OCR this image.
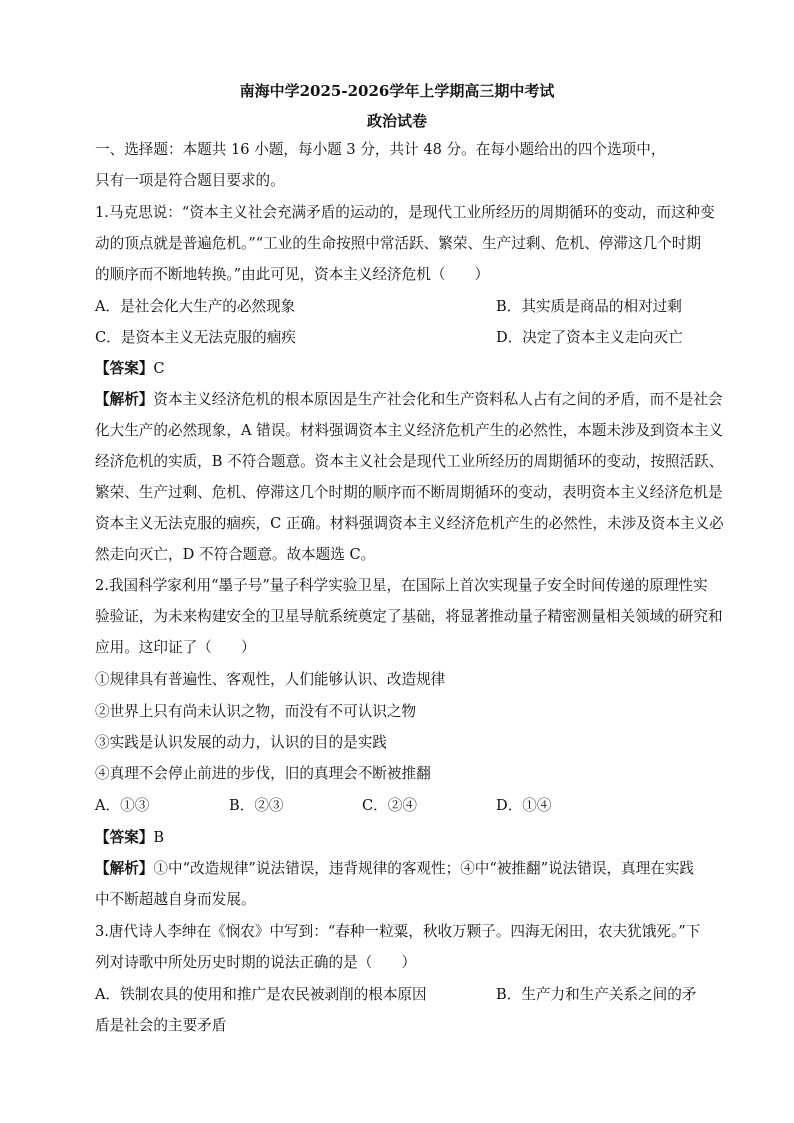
南海中学2025-2026学年上学期高三期中考试
政治试卷
一、选择题：本题共 16 小题，每小题 3 分，共计 48 分。在每小题给出的四个选项中，
只有一项是符合题目要求的。
1.马克思说：“资本主义社会充满矛盾的运动的，是现代工业所经历的周期循环的变动，而这种变
动的顶点就是普遍危机。”“工业的生命按照中常活跃、繁荣、生产过剩、危机、停滞这几个时期
的顺序而不断地转换。”由此可见，资本主义经济危机（　　）
A．是社会化大生产的必然现象	B．其实质是商品的相对过剩
C．是资本主义无法克服的痼疾	D．决定了资本主义走向灭亡
【答案】C
【解析】资本主义经济危机的根本原因是生产社会化和生产资料私人占有之间的矛盾，而不是社会
化大生产的必然现象，A 错误。材料强调资本主义经济危机产生的必然性，本题未涉及到资本主义
经济危机的实质，B 不符合题意。资本主义社会是现代工业所经历的周期循环的变动，按照活跃、
繁荣、生产过剩、危机、停滞这几个时期的顺序而不断周期循环的变动，表明资本主义经济危机是
资本主义无法克服的痼疾，C 正确。材料强调资本主义经济危机产生的必然性，未涉及资本主义必
然走向灭亡，D 不符合题意。故本题选 C。
2.我国科学家利用“墨子号”量子科学实验卫星，在国际上首次实现量子安全时间传递的原理性实
验验证，为未来构建安全的卫星导航系统奠定了基础，将显著推动量子精密测量相关领域的研究和
应用。这印证了（　　）
①规律具有普遍性、客观性，人们能够认识、改造规律
②世界上只有尚未认识之物，而没有不可认识之物
③实践是认识发展的动力，认识的目的是实践
④真理不会停止前进的步伐，旧的真理会不断被推翻
A．①③	B．②③	C．②④	D．①④
【答案】B
【解析】①中“改造规律”说法错误，违背规律的客观性；④中“被推翻”说法错误，真理在实践
中不断超越自身而发展。
3.唐代诗人李绅在《悯农》中写到：“春种一粒粟，秋收万颗子。四海无闲田，农夫犹饿死。”下
列对诗歌中所处历史时期的说法正确的是（　　）
A．铁制农具的使用和推广是农民被剥削的根本原因	B．生产力和生产关系之间的矛
盾是社会的主要矛盾
